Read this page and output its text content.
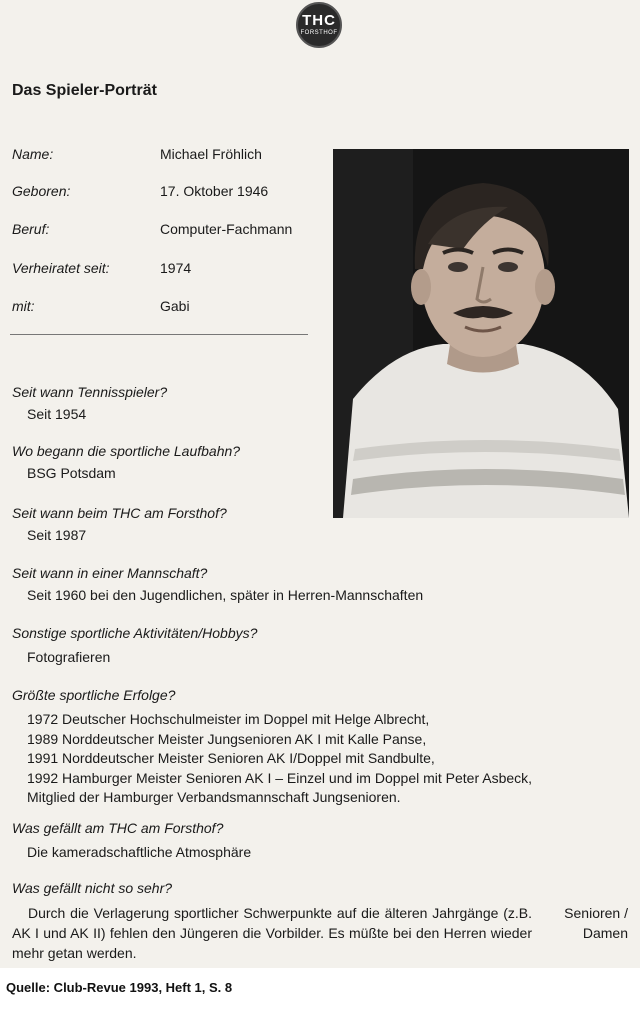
THC
FORSTHOF
Das Spieler-Porträt
Name:	Michael Fröhlich
Geboren:	17. Oktober 1946
Beruf:	Computer-Fachmann
Verheiratet seit:	1974
mit:	Gabi
Seit wann Tennisspieler?
Seit 1954
Wo begann die sportliche Laufbahn?
BSG Potsdam
Seit wann beim THC am Forsthof?
Seit 1987
Seit wann in einer Mannschaft?
Seit 1960 bei den Jugendlichen, später in Herren-Mannschaften
Sonstige sportliche Aktivitäten/Hobbys?
Fotografieren
Größte sportliche Erfolge?
1972 Deutscher Hochschulmeister im Doppel mit Helge Albrecht,
1989 Norddeutscher Meister Jungsenioren AK I mit Kalle Panse,
1991 Norddeutscher Meister Senioren AK I/Doppel mit Sandbulte,
1992 Hamburger Meister Senioren AK I – Einzel und im Doppel mit Peter Asbeck,
Mitglied der Hamburger Verbandsmannschaft Jungsenioren.
Was gefällt am THC am Forsthof?
Die kameradschaftliche Atmosphäre
Was gefällt nicht so sehr?
Durch die Verlagerung sportlicher Schwerpunkte auf die älteren Jahrgänge (z.B. AK I und AK II) fehlen den Jüngeren die Vorbilder. Es müßte bei den Herren wieder mehr getan werden.
Senioren / Damen
Quelle: Club-Revue 1993, Heft 1, S. 8
